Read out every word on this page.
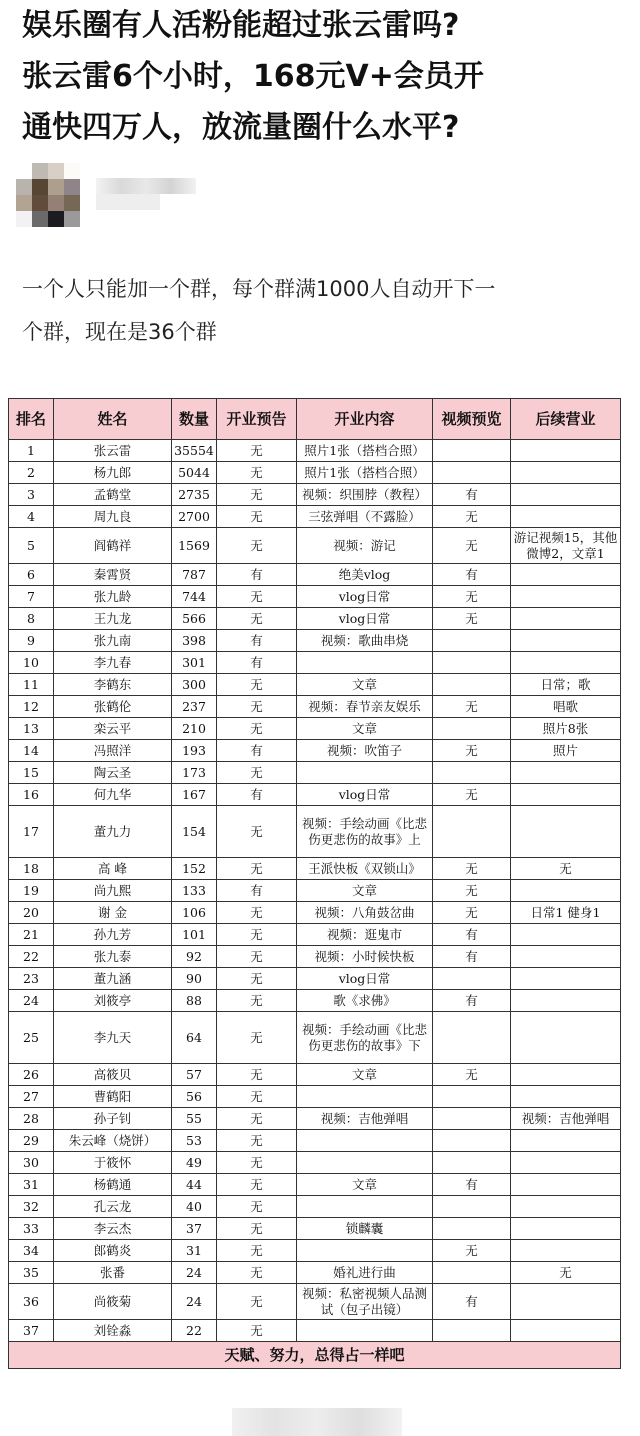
娱乐圈有人活粉能超过张云雷吗?
张云雷6个小时，168元V+会员开
通快四万人，放流量圈什么水平?
一个人只能加一个群，每个群满1000人自动开下一
个群，现在是36个群
排名	姓名	数量	开业预告	开业内容	视频预览	后续营业
1	张云雷	35554	无	照片1张（搭档合照）		
2	杨九郎	5044	无	照片1张（搭档合照）		
3	孟鹤堂	2735	无	视频：织围脖（教程）	有	
4	周九良	2700	无	三弦弹唱（不露脸）	无	
5	阎鹤祥	1569	无	视频：游记	无	游记视频15，其他微博2，文章1
6	秦霄贤	787	有	绝美vlog	有	
7	张九龄	744	无	vlog日常	无	
8	王九龙	566	无	vlog日常	无	
9	张九南	398	有	视频：歌曲串烧		
10	李九春	301	有			
11	李鹤东	300	无	文章		日常；歌
12	张鹤伦	237	无	视频：春节亲友娱乐	无	唱歌
13	栾云平	210	无	文章		照片8张
14	冯照洋	193	有	视频：吹笛子	无	照片
15	陶云圣	173	无			
16	何九华	167	有	vlog日常	无	
17	董九力	154	无	视频：手绘动画《比悲伤更悲伤的故事》上		
18	高 峰	152	无	王派快板《双锁山》	无	无
19	尚九熙	133	有	文章	无	
20	谢 金	106	无	视频：八角鼓岔曲	无	日常1 健身1
21	孙九芳	101	无	视频：逛鬼市	有	
22	张九泰	92	无	视频：小时候快板	有	
23	董九涵	90	无	vlog日常		
24	刘筱亭	88	无	歌《求佛》	有	
25	李九天	64	无	视频：手绘动画《比悲伤更悲伤的故事》下		
26	高筱贝	57	无	文章	无	
27	曹鹤阳	56	无			
28	孙子钊	55	无	视频：吉他弹唱		视频：吉他弹唱
29	朱云峰（烧饼）	53	无			
30	于筱怀	49	无			
31	杨鹤通	44	无	文章	有	
32	孔云龙	40	无			
33	李云杰	37	无	锁麟囊		
34	郎鹤炎	31	无		无	
35	张番	24	无	婚礼进行曲		无
36	尚筱菊	24	无	视频：私密视频人品测试（包子出镜）	有	
37	刘铨淼	22	无			
天赋、努力，总得占一样吧						
